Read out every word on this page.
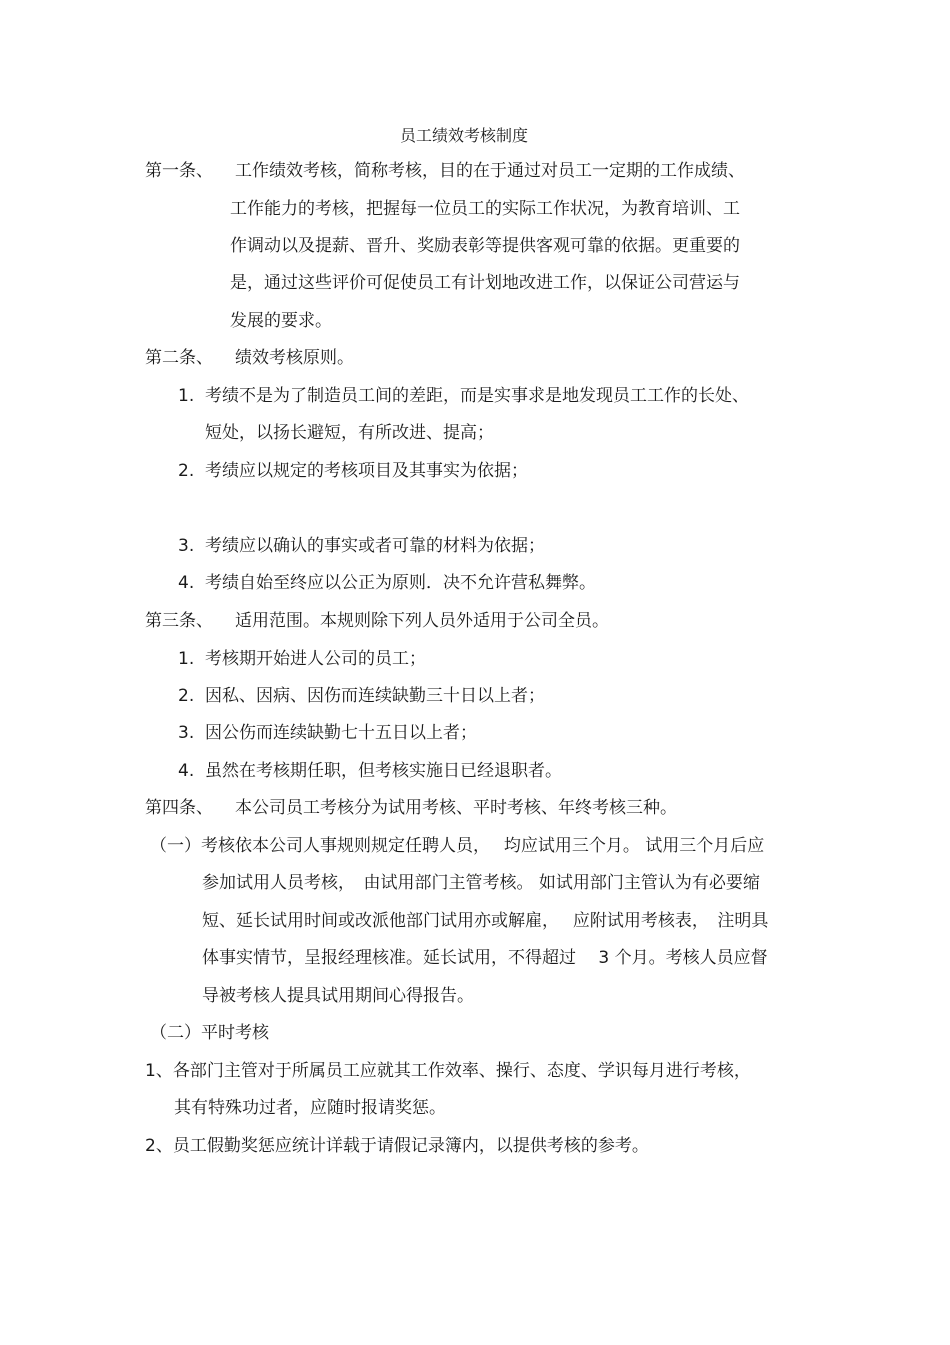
员工绩效考核制度
第一条、 工作绩效考核，简称考核，目的在于通过对员工一定期的工作成绩、
工作能力的考核，把握每一位员工的实际工作状况，为教育培训、工
作调动以及提薪、晋升、奖励表彰等提供客观可靠的依据。更重要的
是，通过这些评价可促使员工有计划地改进工作，以保证公司营运与
发展的要求。
第二条、 绩效考核原则。
1. 考绩不是为了制造员工间的差距，而是实事求是地发现员工工作的长处、
短处，以扬长避短，有所改进、提高；
2. 考绩应以规定的考核项目及其事实为依据；
3. 考绩应以确认的事实或者可靠的材料为依据；
4. 考绩自始至终应以公正为原则．决不允许营私舞弊。
第三条、 适用范围。本规则除下列人员外适用于公司全员。
1. 考核期开始进人公司的员工；
2. 因私、因病、因伤而连续缺勤三十日以上者；
3. 因公伤而连续缺勤七十五日以上者；
4. 虽然在考核期任职，但考核实施日已经退职者。
第四条、 本公司员工考核分为试用考核、平时考核、年终考核三种。
（一）考核依本公司人事规则规定任聘人员，　 均应试用三个月。 试用三个月后应
参加试用人员考核，　由试用部门主管考核。 如试用部门主管认为有必要缩
短、延长试用时间或改派他部门试用亦或解雇，　 应附试用考核表，　注明具
体事实情节，呈报经理核准。延长试用，不得超过　 3 个月。考核人员应督
导被考核人提具试用期间心得报告。
（二）平时考核
1、各部门主管对于所属员工应就其工作效率、操行、态度、学识每月进行考核，
其有特殊功过者，应随时报请奖惩。
2、员工假勤奖惩应统计详载于请假记录簿内，以提供考核的参考。
